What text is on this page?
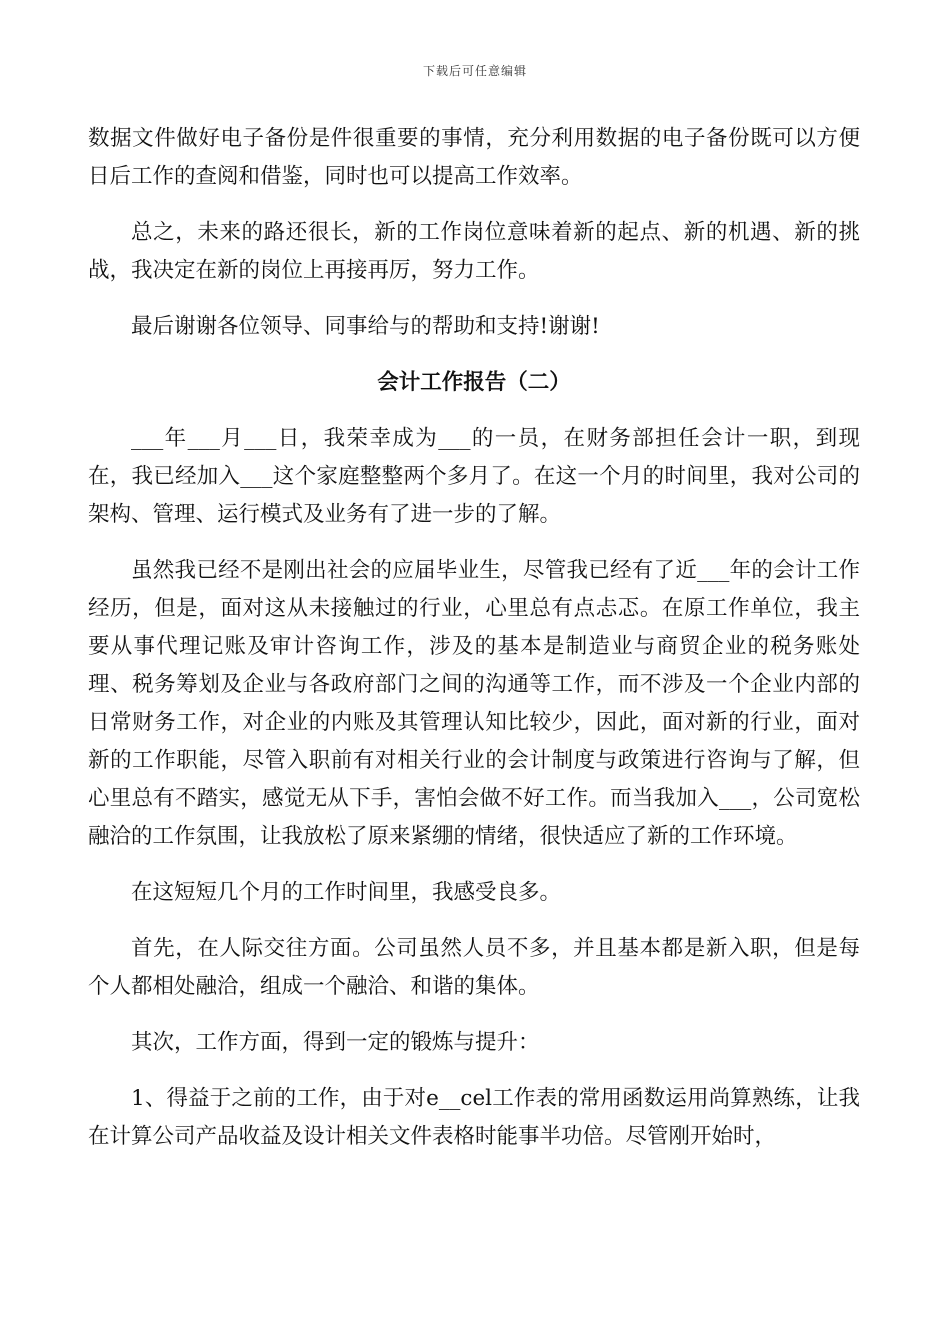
下载后可任意编辑

数据文件做好电子备份是件很重要的事情，充分利用数据的电子备份既可以方便日后工作的查阅和借鉴，同时也可以提高工作效率。

总之，未来的路还很长，新的工作岗位意味着新的起点、新的机遇、新的挑战，我决定在新的岗位上再接再厉，努力工作。

最后谢谢各位领导、同事给与的帮助和支持!谢谢!

会计工作报告（二）

___年___月___日，我荣幸成为___的一员，在财务部担任会计一职，到现在，我已经加入___这个家庭整整两个多月了。在这一个月的时间里，我对公司的架构、管理、运行模式及业务有了进一步的了解。

虽然我已经不是刚出社会的应届毕业生，尽管我已经有了近___年的会计工作经历，但是，面对这从未接触过的行业，心里总有点忐忑。在原工作单位，我主要从事代理记账及审计咨询工作，涉及的基本是制造业与商贸企业的税务账处理、税务筹划及企业与各政府部门之间的沟通等工作，而不涉及一个企业内部的日常财务工作，对企业的内账及其管理认知比较少，因此，面对新的行业，面对新的工作职能，尽管入职前有对相关行业的会计制度与政策进行咨询与了解，但心里总有不踏实，感觉无从下手，害怕会做不好工作。而当我加入___，公司宽松融洽的工作氛围，让我放松了原来紧绷的情绪，很快适应了新的工作环境。

在这短短几个月的工作时间里，我感受良多。

首先，在人际交往方面。公司虽然人员不多，并且基本都是新入职，但是每个人都相处融洽，组成一个融洽、和谐的集体。

其次，工作方面，得到一定的锻炼与提升：

1、得益于之前的工作，由于对e__cel工作表的常用函数运用尚算熟练，让我在计算公司产品收益及设计相关文件表格时能事半功倍。尽管刚开始时，
